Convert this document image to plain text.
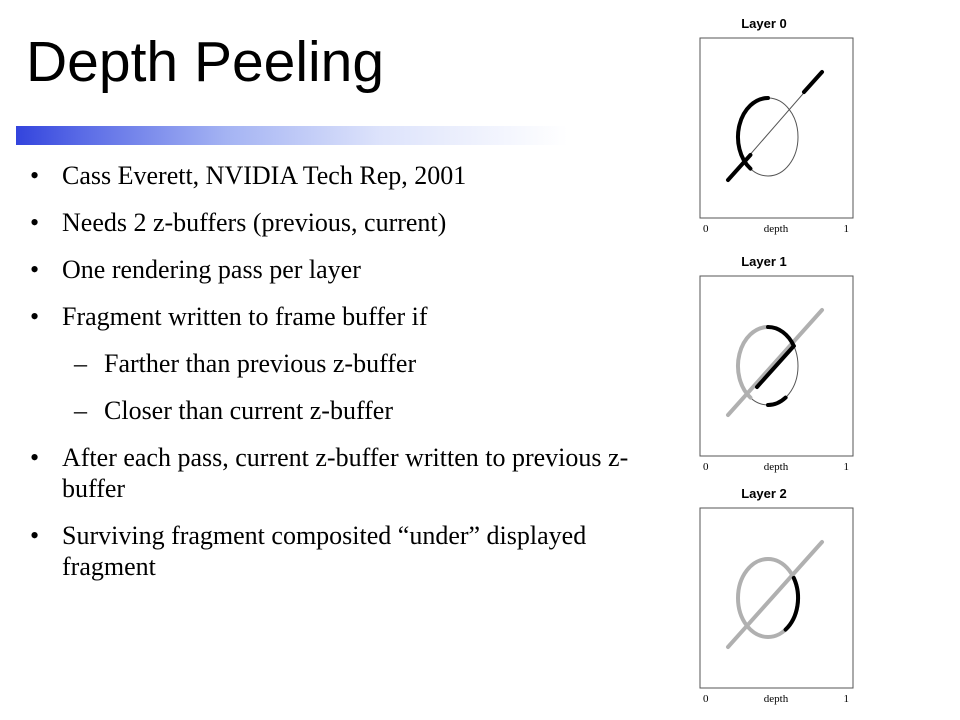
Depth Peeling
• Cass Everett, NVIDIA Tech Rep, 2001
• Needs 2 z-buffers (previous, current)
• One rendering pass per layer
• Fragment written to frame buffer if
– Farther than previous z-buffer
– Closer than current z-buffer
• After each pass, current z-buffer written to previous z-buffer
• Surviving fragment composited “under” displayed fragment
Layer 0
0	depth	1
Layer 1
0	depth	1
Layer 2
0	depth	1
